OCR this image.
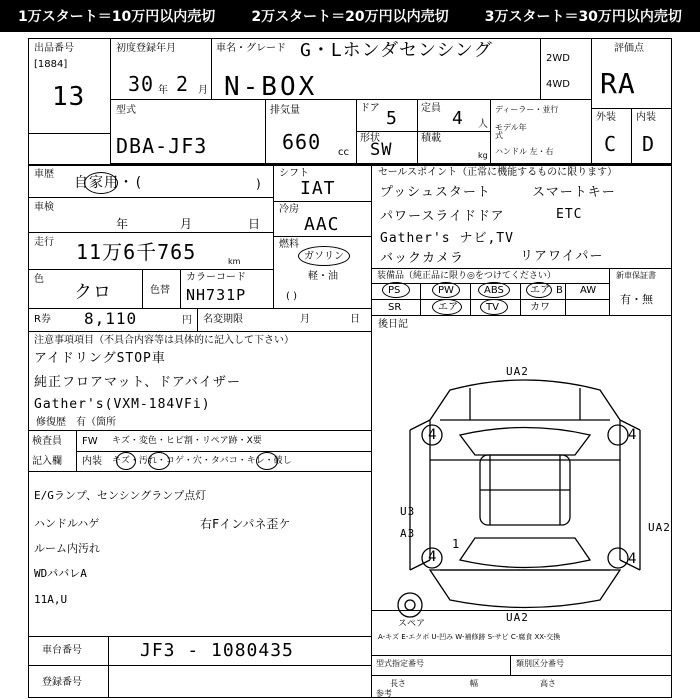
1万スタート＝10万円以内売切	2万スタート＝20万円以内売切	3万スタート＝30万円以内売切
出品番号
[1884]
13
初度登録年月
30 年 2 月
車名・グレード G・Lホンダセンシング
N-BOX
2WD
4WD
評価点
RA
外装 内装
C D
型式
DBA-JF3
排気量
660 cc
ドア 5 定員 4 人
形状
SW
積載
kg
ディーラー・並行
モデル年式
ハンドル 左・右
車歴
自家用・(	)
車検
年	月	日
走行 11万6千765	km
色
クロ	色替
カラーコード
NH731P
シフト
IAT
冷房
AAC
燃料
ガソリン
軽・油
( )
セールスポイント（正常に機能するものに限ります）
プッシュスタート	スマートキー
パワースライドドア	ETC
Gather's ナビ,TV
バックカメラ	リアワイパー
装備品（純正品に限り◎をつけてください）
PS	PW	ABS	エア B AW
SR	エア	TV	カワ
新車保証書
有・無
R券 8,110	円 名変期限	月	日 後日記
注意事項項目（不具合内容等は具体的に記入して下さい）
アイドリングSTOP車
純正フロアマット、ドアバイザー
Gather's(VXM-184VFi)
修復歴　有（箇所
検査員
記入欄
FW キズ・変色・ヒビ割・リペア跡・X要
内装 キズ・汚れ・コゲ・穴・タバコ・キレ・破し
E/Gランプ、センシングランプ点灯
ハンドルハゲ	右Fインパネ歪ケ
ルーム内汚れ
WDパバレA
11A,U
UA2
UA2
4	4
4	4
U3
A3	UA2
1
スペア
A-キズ E-エクボ U-凹み W-補修跡 S-サビ C-腐食 XX-交換
車台番号	JF3 - 1080435
登録番号
型式指定番号	類別区分番号
長さ	幅	高さ
参考
